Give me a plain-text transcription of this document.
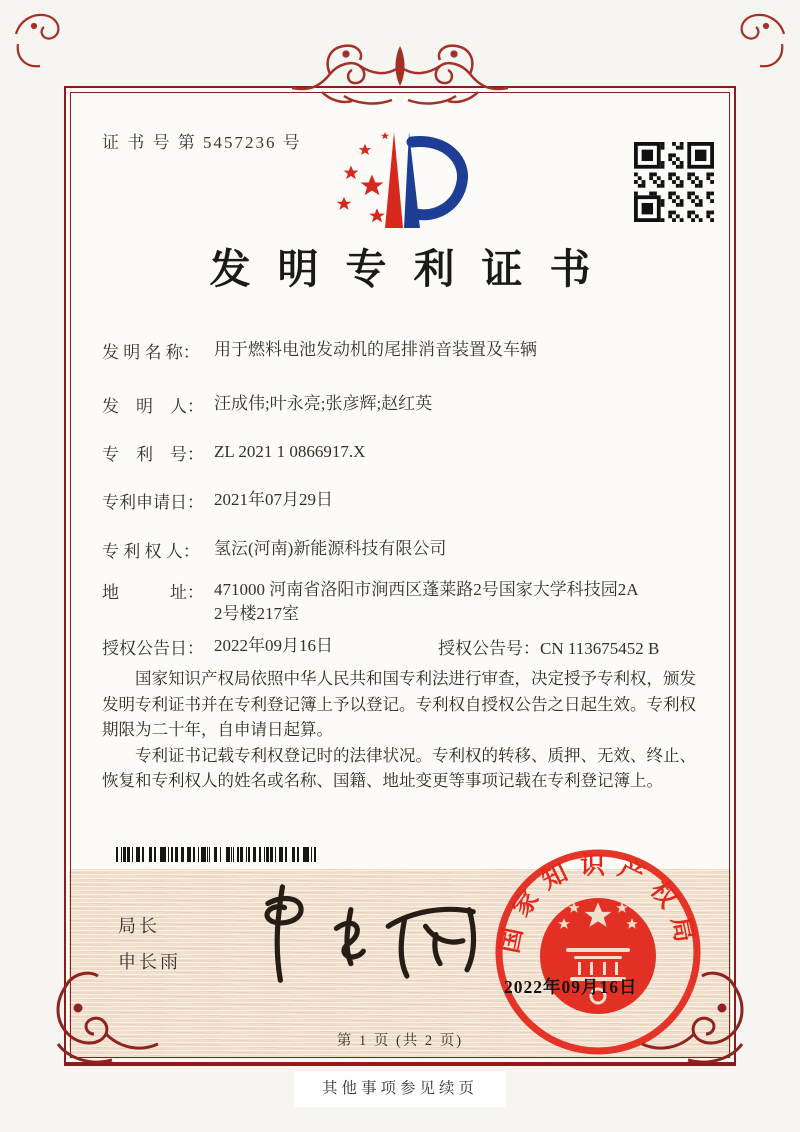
证 书 号 第 5457236 号
发明专利证书
发 明 名 称： 用于燃料电池发动机的尾排消音装置及车辆
发　明　人： 汪成伟;叶永亮;张彦辉;赵红英
专　利　号： ZL 2021 1 0866917.X
专利申请日： 2021年07月29日
专 利 权 人： 氢沄(河南)新能源科技有限公司
地　　　址： 471000 河南省洛阳市涧西区蓬莱路2号国家大学科技园2A
2号楼217室
授权公告日： 2022年09月16日	授权公告号：CN 113675452 B

国家知识产权局依照中华人民共和国专利法进行审查，决定授予专利权，颁发发明专利证书并在专利登记簿上予以登记。专利权自授权公告之日起生效。专利权期限为二十年，自申请日起算。

专利证书记载专利权登记时的法律状况。专利权的转移、质押、无效、终止、恢复和专利权人的姓名或名称、国籍、地址变更等事项记载在专利登记簿上。

局长
申长雨
国家知识产权局
2022年09月16日
第 1 页 (共 2 页)
其他事项参见续页
